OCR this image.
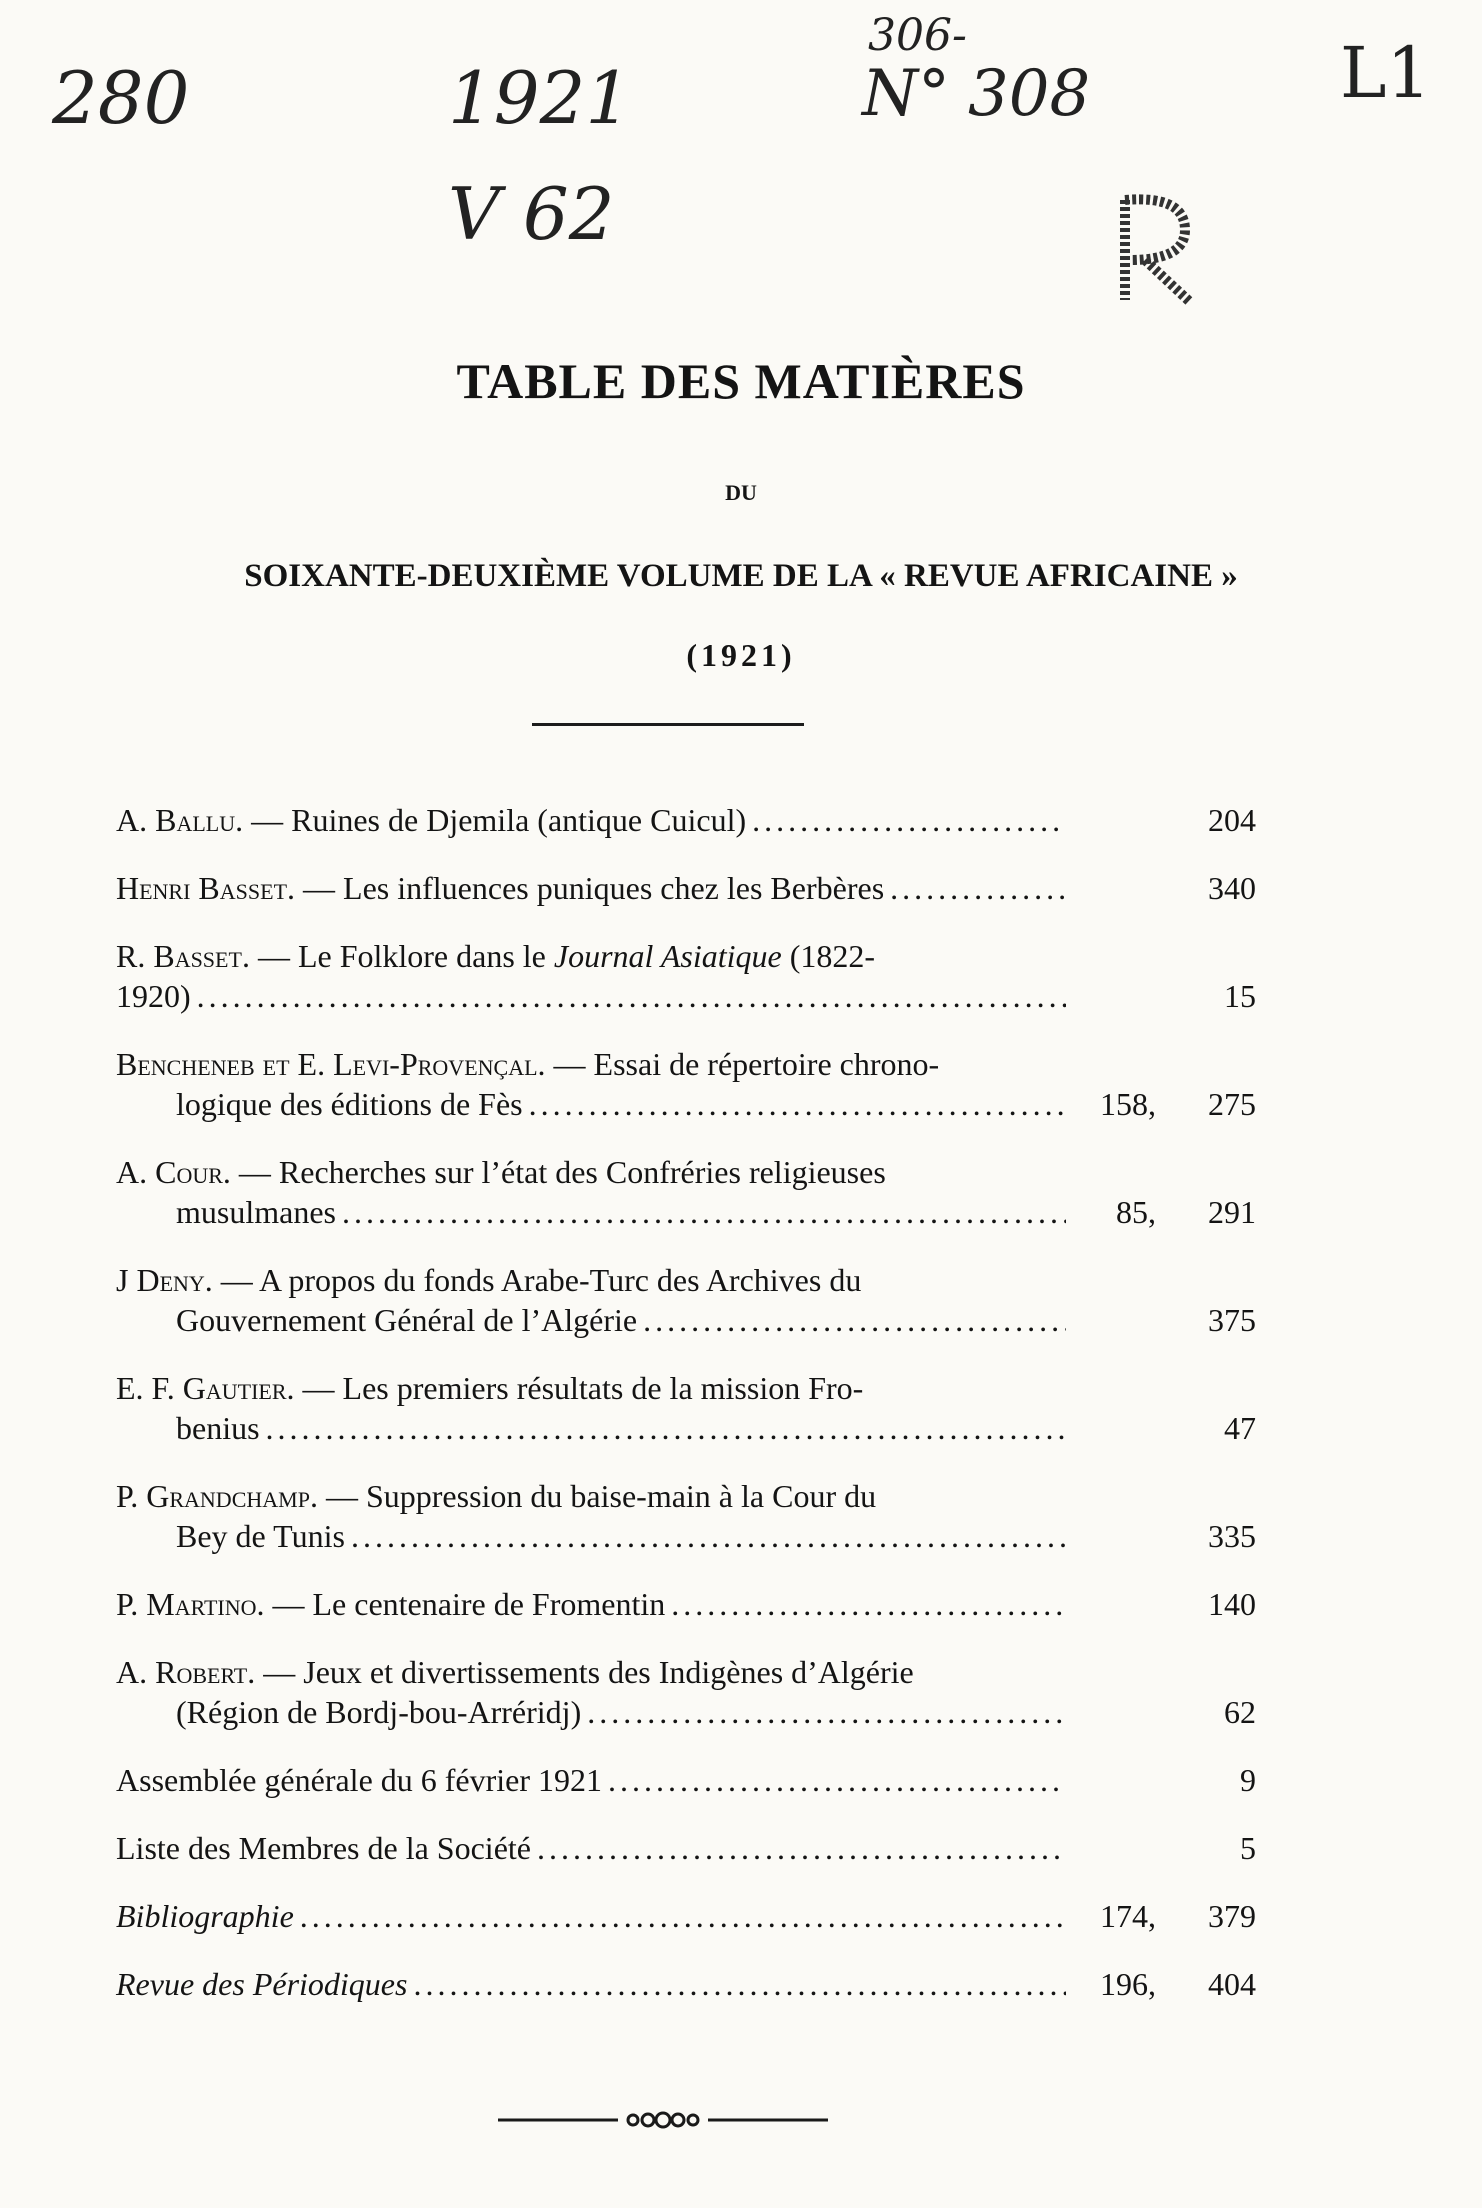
280	1921	N°
306-
308	L1
V 62
TABLE DES MATIÈRES
DU
SOIXANTE-DEUXIÈME VOLUME DE LA « REVUE AFRICAINE »
(1921)
A. Ballu. — Ruines de Djemila (antique Cuicul) . . .	204
Henri Basset. — Les influences puniques chez les Berbères . . .	340
R. Basset. — Le Folklore dans le Journal Asiatique (1822-
1920) . . .	15
Bencheneb et E. Levi-Provençal. — Essai de répertoire chrono-
logique des éditions de Fès . . .	158,	275
A. Cour. — Recherches sur l’état des Confréries religieuses
musulmanes . . .	85,	291
J Deny. — A propos du fonds Arabe-Turc des Archives du
Gouvernement Général de l’Algérie . . .	375
E. F. Gautier. — Les premiers résultats de la mission Fro-
benius . . .	47
P. Grandchamp. — Suppression du baise-main à la Cour du
Bey de Tunis . . .	335
P. Martino. — Le centenaire de Fromentin . . .	140
A. Robert. — Jeux et divertissements des Indigènes d’Algérie
(Région de Bordj-bou-Arréridj) . . .	62
Assemblée générale du 6 février 1921 . . .	9
Liste des Membres de la Société . . .	5
Bibliographie . . .	174,	379
Revue des Périodiques . . .	196,	404
